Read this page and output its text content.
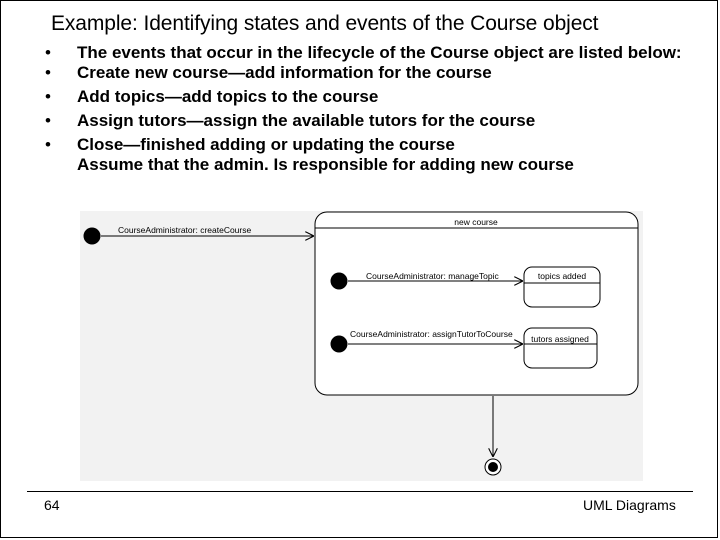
Example: Identifying states and events of the Course object
• The events that occur in the lifecycle of the Course object are listed below:
• Create new course—add information for the course
• Add topics—add topics to the course
• Assign tutors—assign the available tutors for the course
• Close—finished adding or updating the course
Assume that the admin. Is responsible for adding new course
CourseAdministrator: createCourse
new course
CourseAdministrator: manageTopic	topics added
CourseAdministrator: assignTutorToCourse tutors assigned
64	UML Diagrams
